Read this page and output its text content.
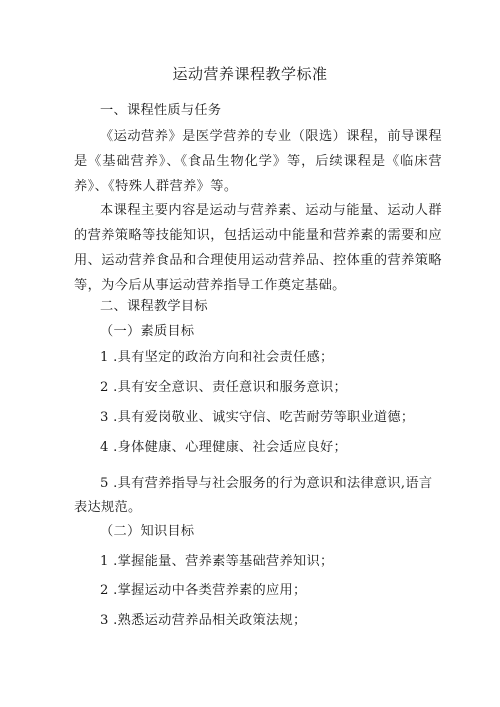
运动营养课程教学标准
一、课程性质与任务
《运动营养》是医学营养的专业（限选）课程，前导课程是《基础营养》、《食品生物化学》等，后续课程是《临床营养》、《特殊人群营养》等。
本课程主要内容是运动与营养素、运动与能量、运动人群的营养策略等技能知识，包括运动中能量和营养素的需要和应用、运动营养食品和合理使用运动营养品、控体重的营养策略等，为今后从事运动营养指导工作奠定基础。
二、课程教学目标
（一）素质目标
1 .具有坚定的政治方向和社会责任感；
2 .具有安全意识、责任意识和服务意识；
3 .具有爱岗敬业、诚实守信、吃苦耐劳等职业道德；
4 .身体健康、心理健康、社会适应良好；
5 .具有营养指导与社会服务的行为意识和法律意识,语言表达规范。
（二）知识目标
1 .掌握能量、营养素等基础营养知识；
2 .掌握运动中各类营养素的应用；
3 .熟悉运动营养品相关政策法规；
